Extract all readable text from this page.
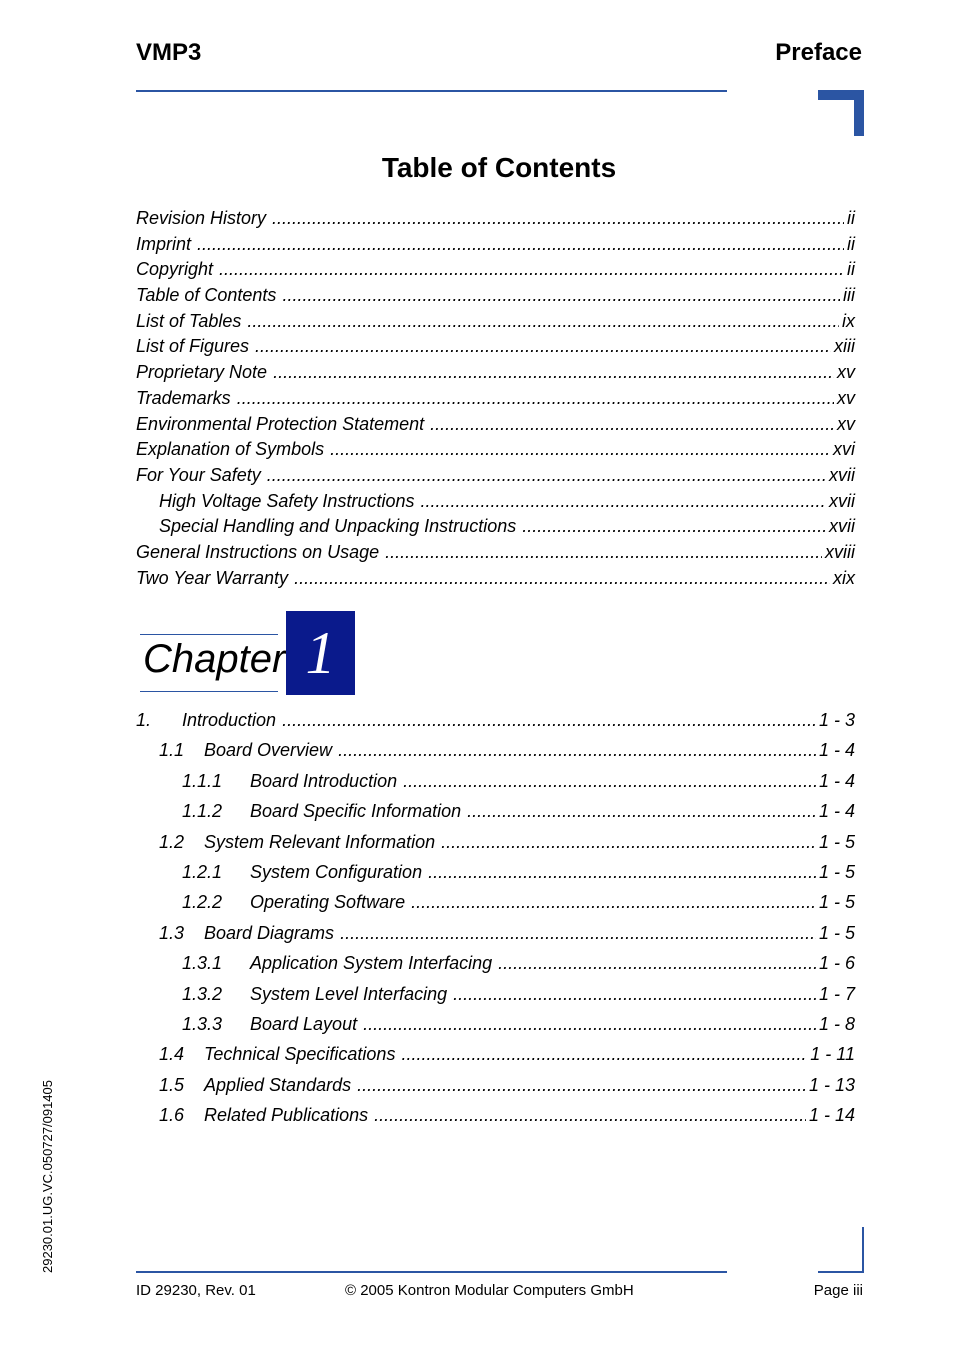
VMP3	Preface
Table of Contents
Revision History .....	ii
Imprint .....	ii
Copyright .....	ii
Table of Contents .....	iii
List of Tables .....	ix
List of Figures .....	xiii
Proprietary Note .....	xv
Trademarks .....	xv
Environmental Protection Statement .....	xv
Explanation of Symbols .....	xvi
For Your Safety .....	xvii
High Voltage Safety Instructions .....	xvii
Special Handling and Unpacking Instructions .....	xvii
General Instructions on Usage .....	xviii
Two Year Warranty .....	xix
Chapter 1
1.	Introduction .....	1 - 3
1.1	Board Overview .....	1 - 4
1.1.1	Board Introduction .....	1 - 4
1.1.2	Board Specific Information .....	1 - 4
1.2	System Relevant Information .....	1 - 5
1.2.1	System Configuration .....	1 - 5
1.2.2	Operating Software .....	1 - 5
1.3	Board Diagrams .....	1 - 5
1.3.1	Application System Interfacing .....	1 - 6
1.3.2	System Level Interfacing .....	1 - 7
1.3.3	Board Layout .....	1 - 8
1.4	Technical Specifications .....	1 - 11
1.5	Applied Standards .....	1 - 13
1.6	Related Publications .....	1 - 14
29230.01.UG.VC.050727/091405
ID 29230, Rev. 01	© 2005 Kontron Modular Computers GmbH	Page iii
